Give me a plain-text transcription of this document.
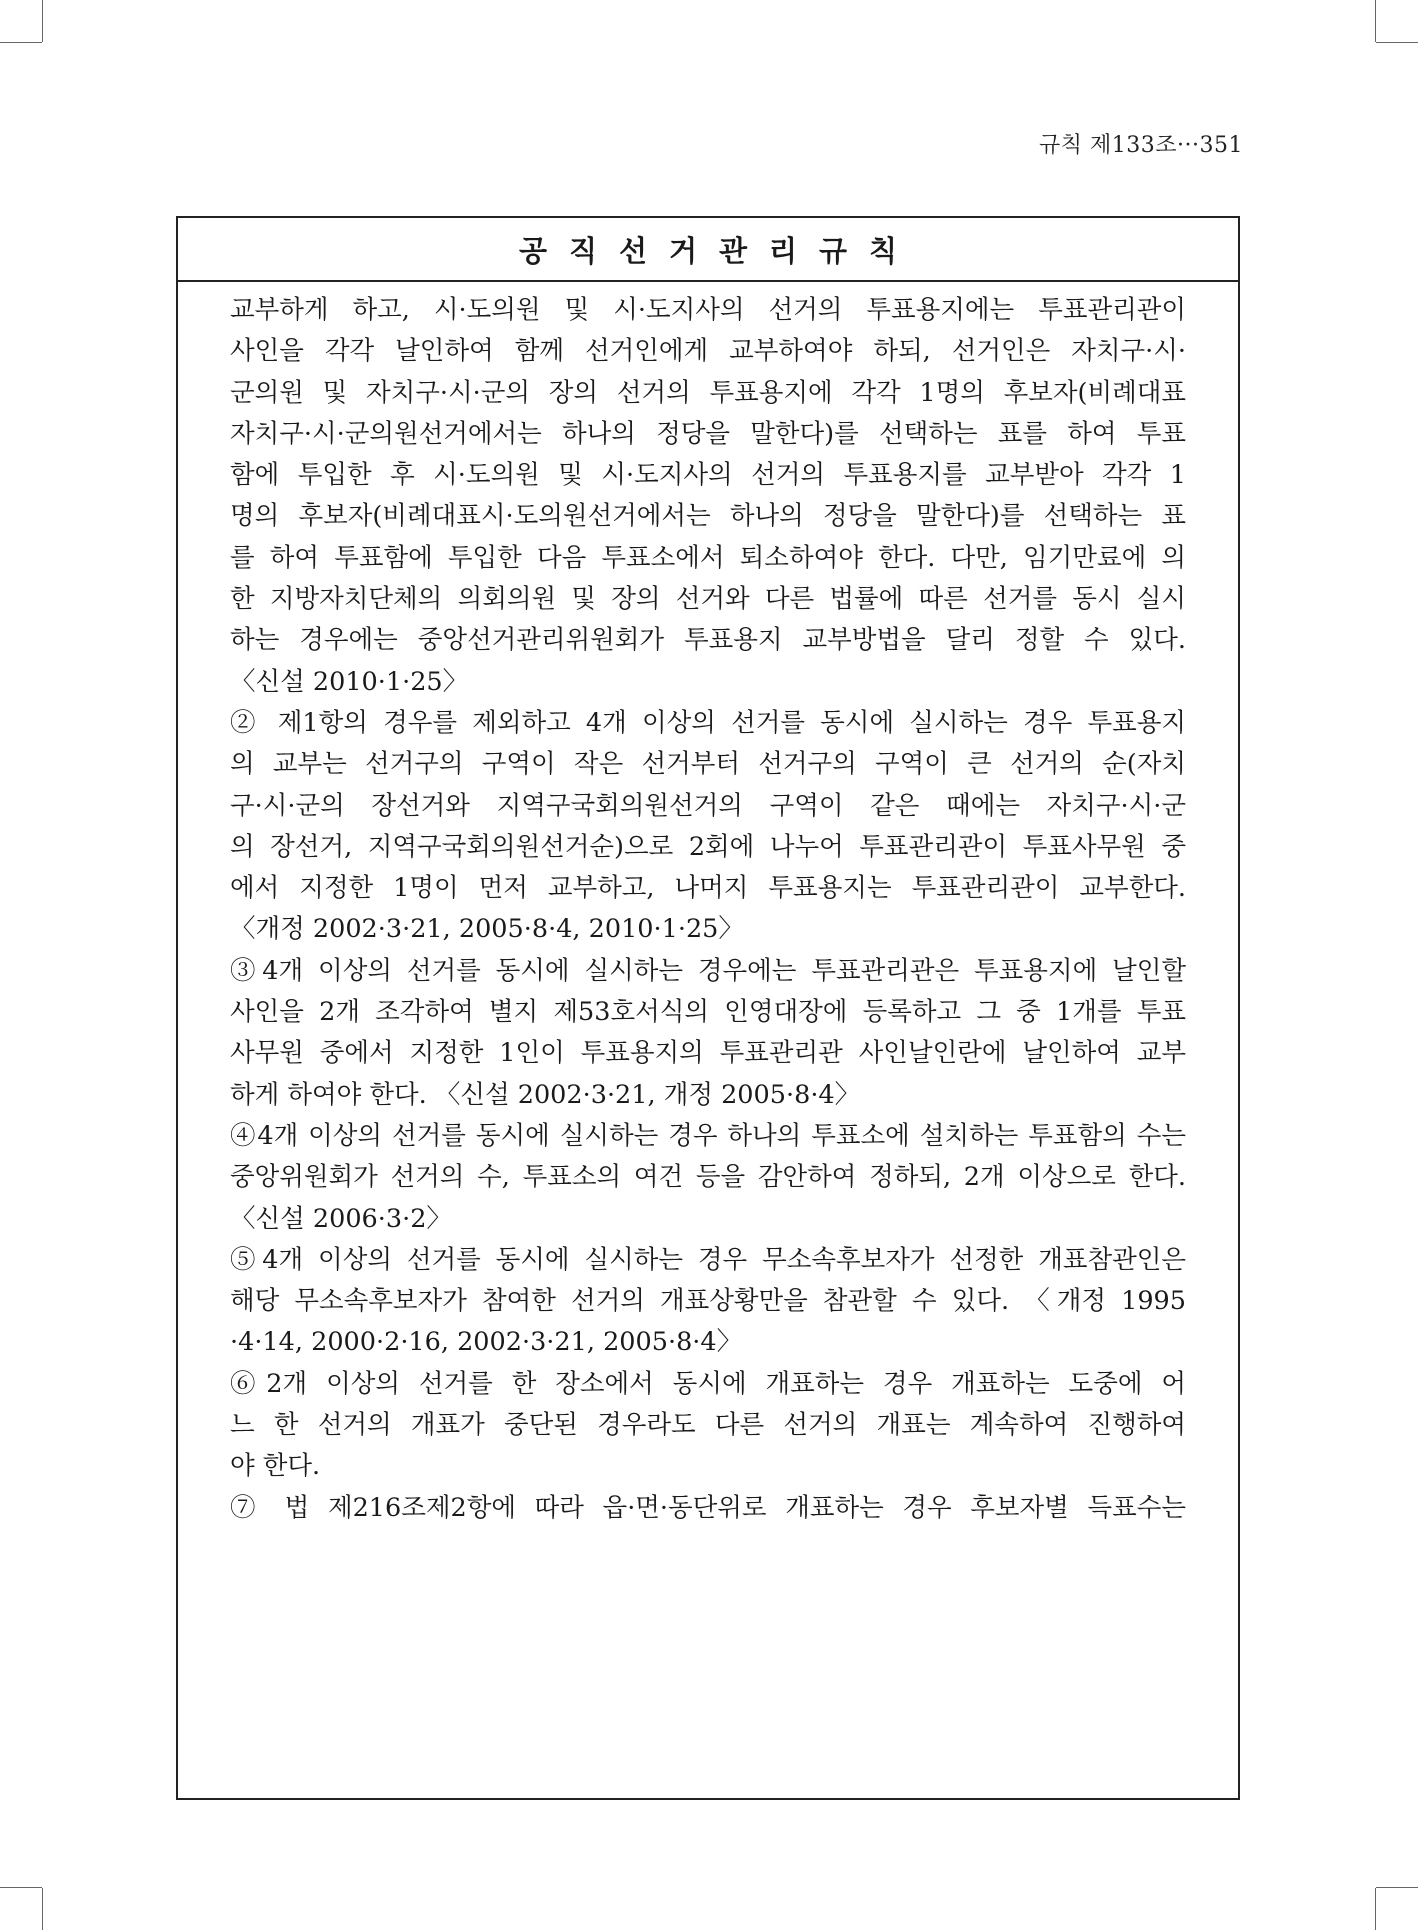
규칙 제133조···351
공직선거관리규칙
교부하게 하고, 시·도의원 및 시·도지사의 선거의 투표용지에는 투표관리관이
사인을 각각 날인하여 함께 선거인에게 교부하여야 하되, 선거인은 자치구·시·
군의원 및 자치구·시·군의 장의 선거의 투표용지에 각각 1명의 후보자(비례대표
자치구·시·군의원선거에서는 하나의 정당을 말한다)를 선택하는 표를 하여 투표
함에 투입한 후 시·도의원 및 시·도지사의 선거의 투표용지를 교부받아 각각 1
명의 후보자(비례대표시·도의원선거에서는 하나의 정당을 말한다)를 선택하는 표
를 하여 투표함에 투입한 다음 투표소에서 퇴소하여야 한다. 다만, 임기만료에 의
한 지방자치단체의 의회의원 및 장의 선거와 다른 법률에 따른 선거를 동시 실시
하는 경우에는 중앙선거관리위원회가 투표용지 교부방법을 달리 정할 수 있다.
〈신설 2010·1·25〉
② 제1항의 경우를 제외하고 4개 이상의 선거를 동시에 실시하는 경우 투표용지
의 교부는 선거구의 구역이 작은 선거부터 선거구의 구역이 큰 선거의 순(자치
구·시·군의 장선거와 지역구국회의원선거의 구역이 같은 때에는 자치구·시·군
의 장선거, 지역구국회의원선거순)으로 2회에 나누어 투표관리관이 투표사무원 중
에서 지정한 1명이 먼저 교부하고, 나머지 투표용지는 투표관리관이 교부한다.
〈개정 2002·3·21, 2005·8·4, 2010·1·25〉
③4개 이상의 선거를 동시에 실시하는 경우에는 투표관리관은 투표용지에 날인할
사인을 2개 조각하여 별지 제53호서식의 인영대장에 등록하고 그 중 1개를 투표
사무원 중에서 지정한 1인이 투표용지의 투표관리관 사인날인란에 날인하여 교부
하게 하여야 한다. 〈신설 2002·3·21, 개정 2005·8·4〉
④4개 이상의 선거를 동시에 실시하는 경우 하나의 투표소에 설치하는 투표함의 수는
중앙위원회가 선거의 수, 투표소의 여건 등을 감안하여 정하되, 2개 이상으로 한다.
〈신설 2006·3·2〉
⑤4개 이상의 선거를 동시에 실시하는 경우 무소속후보자가 선정한 개표참관인은
해당 무소속후보자가 참여한 선거의 개표상황만을 참관할 수 있다. 〈개정 1995
·4·14, 2000·2·16, 2002·3·21, 2005·8·4〉
⑥2개 이상의 선거를 한 장소에서 동시에 개표하는 경우 개표하는 도중에 어
느 한 선거의 개표가 중단된 경우라도 다른 선거의 개표는 계속하여 진행하여
야 한다.
⑦ 법 제216조제2항에 따라 읍·면·동단위로 개표하는 경우 후보자별 득표수는
